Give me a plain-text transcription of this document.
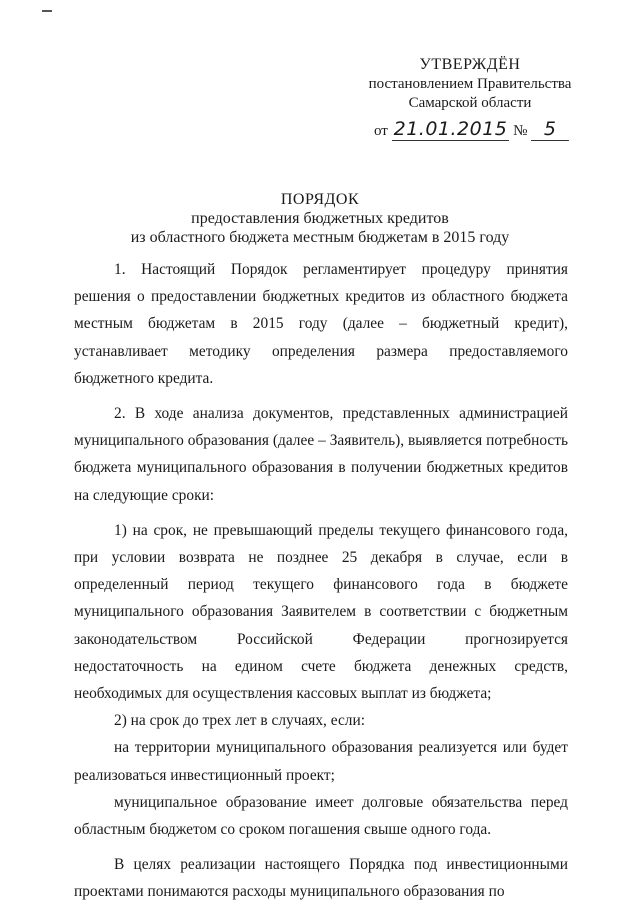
УТВЕРЖДЁН
постановлением Правительства
Самарской области
от 21.01.2015 № 5
ПОРЯДОК
предоставления бюджетных кредитов
из областного бюджета местным бюджетам в 2015 году

1. Настоящий Порядок регламентирует процедуру принятия решения о предоставлении бюджетных кредитов из областного бюджета местным бюджетам в 2015 году (далее – бюджетный кредит), устанавливает методику определения размера предоставляемого бюджетного кредита.

2. В ходе анализа документов, представленных администрацией муниципального образования (далее – Заявитель), выявляется потребность бюджета муниципального образования в получении бюджетных кредитов на следующие сроки:

1) на срок, не превышающий пределы текущего финансового года, при условии возврата не позднее 25 декабря в случае, если в определенный период текущего финансового года в бюджете муниципального образования Заявителем в соответствии с бюджетным законодательством Российской Федерации прогнозируется недостаточность на едином счете бюджета денежных средств, необходимых для осуществления кассовых выплат из бюджета;

2) на срок до трех лет в случаях, если:

на территории муниципального образования реализуется или будет реализоваться инвестиционный проект;

муниципальное образование имеет долговые обязательства перед областным бюджетом со сроком погашения свыше одного года.

В целях реализации настоящего Порядка под инвестиционными проектами понимаются расходы муниципального образования по
